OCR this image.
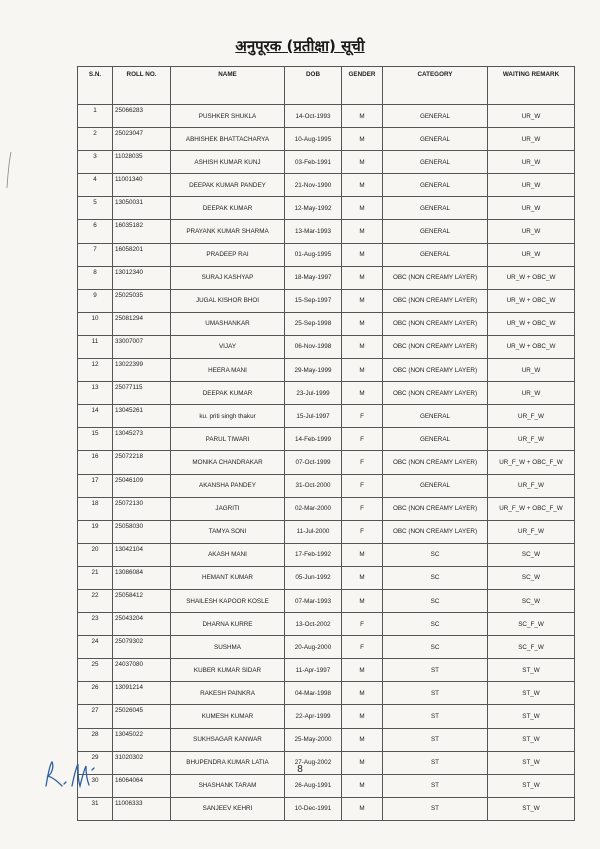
अनुपूरक (प्रतीक्षा) सूची
S.N.	ROLL NO.	NAME	DOB	GENDER	CATEGORY	WAITING REMARK
1	25066283	PUSHKER SHUKLA	14-Oct-1993	M	GENERAL	UR_W
2	25023047	ABHISHEK BHATTACHARYA	10-Aug-1995	M	GENERAL	UR_W
3	11028035	ASHISH KUMAR KUNJ	03-Feb-1991	M	GENERAL	UR_W
4	11001340	DEEPAK KUMAR PANDEY	21-Nov-1990	M	GENERAL	UR_W
5	13050031	DEEPAK KUMAR	12-May-1992	M	GENERAL	UR_W
6	16035182	PRAYANK KUMAR SHARMA	13-Mar-1993	M	GENERAL	UR_W
7	16058201	PRADEEP RAI	01-Aug-1995	M	GENERAL	UR_W
8	13012340	SURAJ KASHYAP	18-May-1997	M	OBC (NON CREAMY LAYER)	UR_W + OBC_W
9	25025035	JUGAL KISHOR BHOI	15-Sep-1997	M	OBC (NON CREAMY LAYER)	UR_W + OBC_W
10	25081294	UMASHANKAR	25-Sep-1998	M	OBC (NON CREAMY LAYER)	UR_W + OBC_W
11	33007007	VIJAY	06-Nov-1998	M	OBC (NON CREAMY LAYER)	UR_W + OBC_W
12	13022399	HEERA MANI	29-May-1999	M	OBC (NON CREAMY LAYER)	UR_W
13	25077115	DEEPAK KUMAR	23-Jul-1999	M	OBC (NON CREAMY LAYER)	UR_W
14	13045261	ku. priti singh thakur	15-Jul-1997	F	GENERAL	UR_F_W
15	13045273	PARUL TIWARI	14-Feb-1999	F	GENERAL	UR_F_W
16	25072218	MONIKA CHANDRAKAR	07-Oct-1999	F	OBC (NON CREAMY LAYER)	UR_F_W + OBC_F_W
17	25046109	AKANSHA PANDEY	31-Oct-2000	F	GENERAL	UR_F_W
18	25072130	JAGRITI	02-Mar-2000	F	OBC (NON CREAMY LAYER)	UR_F_W + OBC_F_W
19	25058030	TAMYA SONI	11-Jul-2000	F	OBC (NON CREAMY LAYER)	UR_F_W
20	13042104	AKASH MANI	17-Feb-1992	M	SC	SC_W
21	13086084	HEMANT KUMAR	05-Jun-1992	M	SC	SC_W
22	25058412	SHAILESH KAPOOR KOSLE	07-Mar-1993	M	SC	SC_W
23	25043204	DHARNA KURRE	13-Oct-2002	F	SC	SC_F_W
24	25079302	SUSHMA	20-Aug-2000	F	SC	SC_F_W
25	24037080	KUBER KUMAR SIDAR	11-Apr-1997	M	ST	ST_W
26	13091214	RAKESH PAINKRA	04-Mar-1998	M	ST	ST_W
27	25026045	KUMESH KUMAR	22-Apr-1999	M	ST	ST_W
28	13045022	SUKHSAGAR KANWAR	25-May-2000	M	ST	ST_W
29	31020302	BHUPENDRA KUMAR LATIA	27-Aug-2002	M	ST	ST_W
30	16064064	SHASHANK TARAM	26-Aug-1991	M	ST	ST_W
31	11006333	SANJEEV KEHRI	10-Dec-1991	M	ST	ST_W
8
